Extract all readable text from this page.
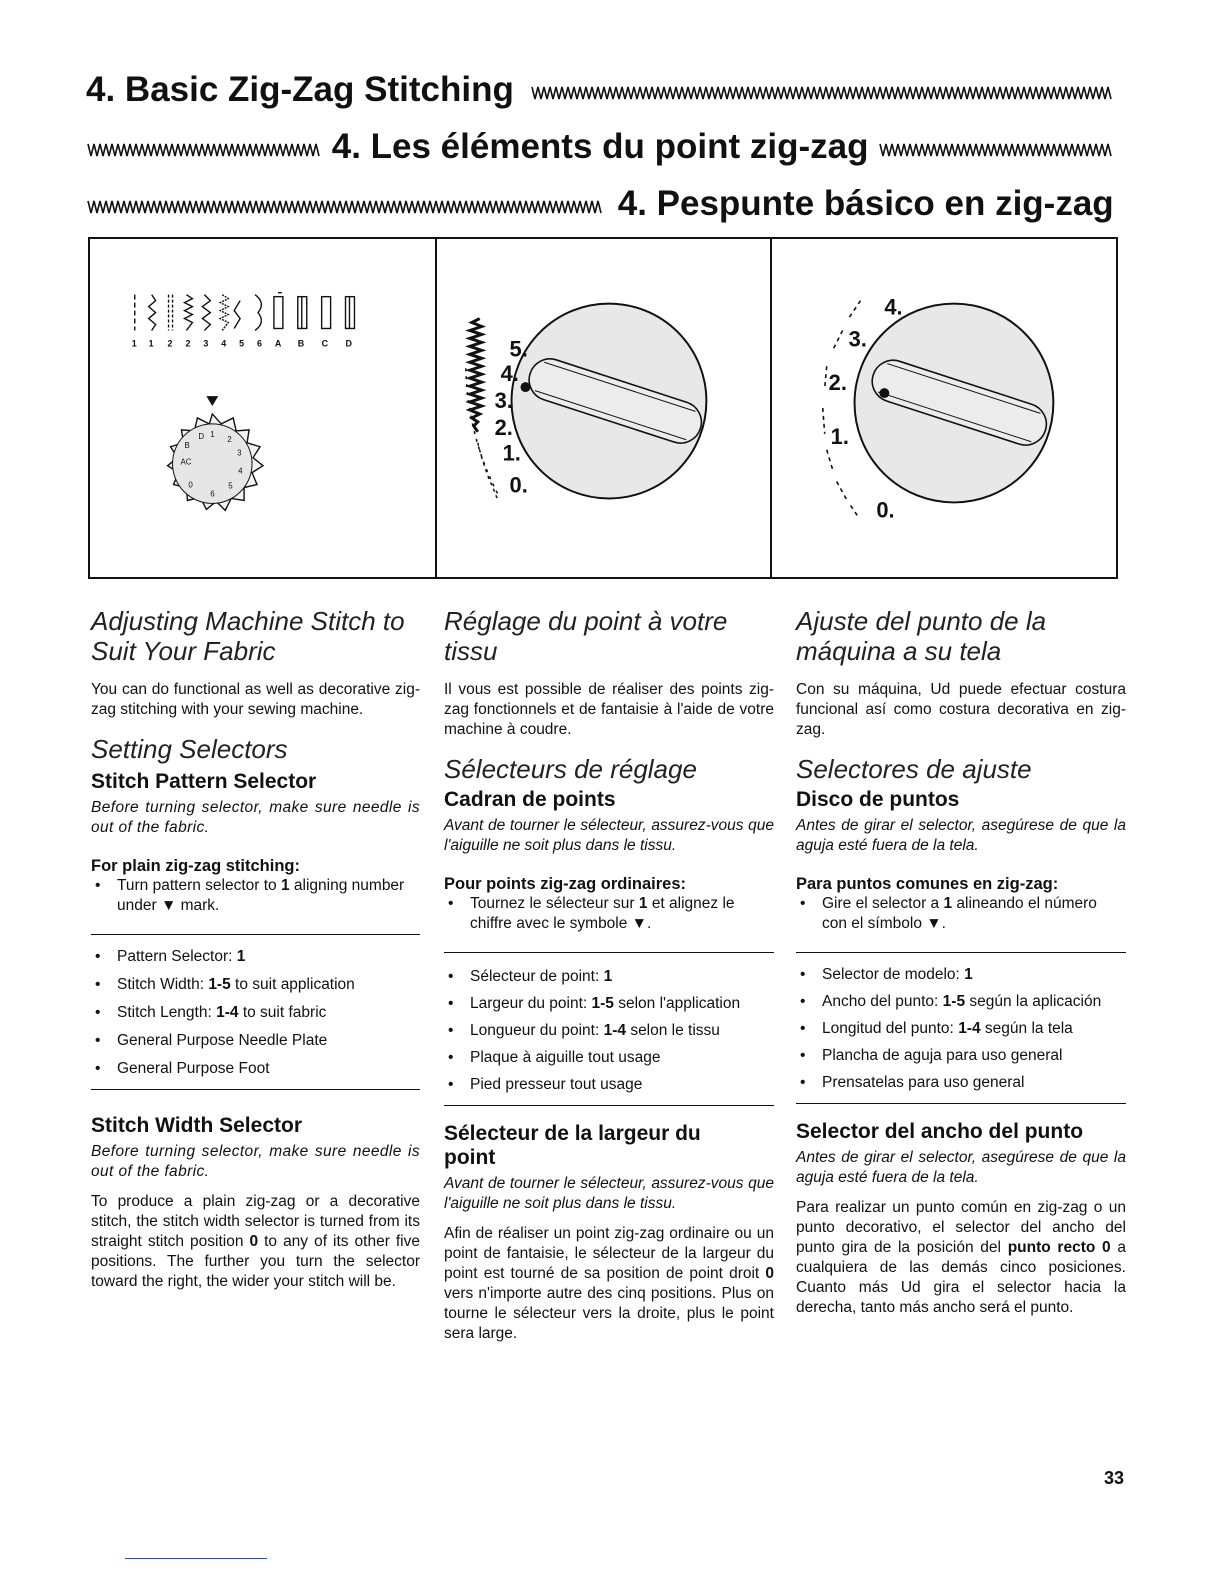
4. Basic Zig-Zag Stitching
4. Les éléments du point zig-zag
4. Pespunte básico en zig-zag
1 1 2 2 3 4 5 6 A B C D
1
2
3
4
5
6
0
AC
B
D
5.
4.
3.
2.
1.
0.
4.
3.
2.
1.
0.
Adjusting Machine Stitch to Suit Your Fabric

You can do functional as well as decorative zig-zag stitching with your sewing machine.

Setting Selectors
Stitch Pattern Selector

Before turning selector, make sure needle is out of the fabric.

For plain zig-zag stitching:
• Turn pattern selector to 1 aligning number under ▼ mark.
• Pattern Selector: 1
• Stitch Width: 1-5 to suit application
• Stitch Length: 1-4 to suit fabric
• General Purpose Needle Plate
• General Purpose Foot
Stitch Width Selector

Before turning selector, make sure needle is out of the fabric.

To produce a plain zig-zag or a decorative stitch, the stitch width selector is turned from its straight stitch position 0 to any of its other five positions. The further you turn the selector toward the right, the wider your stitch will be.

Réglage du point à votre tissu

Il vous est possible de réaliser des points zig-zag fonctionnels et de fantaisie à l'aide de votre machine à coudre.

Sélecteurs de réglage
Cadran de points

Avant de tourner le sélecteur, assurez-vous que l'aiguille ne soit plus dans le tissu.

Pour points zig-zag ordinaires:
• Tournez le sélecteur sur 1 et alignez le chiffre avec le symbole ▼.
• Sélecteur de point: 1
• Largeur du point: 1-5 selon l'application
• Longueur du point: 1-4 selon le tissu
• Plaque à aiguille tout usage
• Pied presseur tout usage
Sélecteur de la largeur du point

Avant de tourner le sélecteur, assurez-vous que l'aiguille ne soit plus dans le tissu.

Afin de réaliser un point zig-zag ordinaire ou un point de fantaisie, le sélecteur de la largeur du point est tourné de sa position de point droit 0 vers n'importe autre des cinq positions. Plus on tourne le sélecteur vers la droite, plus le point sera large.

Ajuste del punto de la máquina a su tela

Con su máquina, Ud puede efectuar costura funcional así como costura decorativa en zig-zag.

Selectores de ajuste
Disco de puntos

Antes de girar el selector, asegúrese de que la aguja esté fuera de la tela.

Para puntos comunes en zig-zag:
• Gire el selector a 1 alineando el número con el símbolo ▼.
• Selector de modelo: 1
• Ancho del punto: 1-5 según la aplicación
• Longitud del punto: 1-4 según la tela
• Plancha de aguja para uso general
• Prensatelas para uso general
Selector del ancho del punto

Antes de girar el selector, asegúrese de que la aguja esté fuera de la tela.

Para realizar un punto común en zig-zag o un punto decorativo, el selector del ancho del punto gira de la posición del punto recto 0 a cualquiera de las demás cinco posiciones. Cuanto más Ud gira el selector hacia la derecha, tanto más ancho será el punto.

33
